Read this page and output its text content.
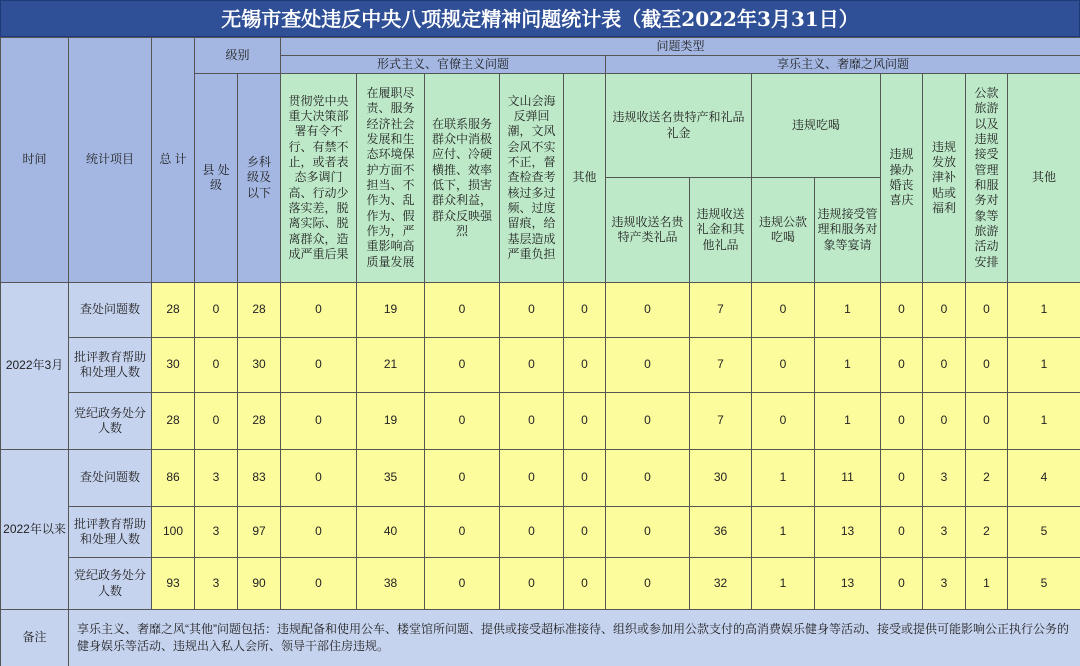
无锡市查处违反中央八项规定精神问题统计表（截至2022年3月31日）
时间	统计项目	总 计	级别		问题类型												
					形式主义、官僚主义问题					享乐主义、奢靡之风问题							
			县 处级	乡科级及以下	贯彻党中央重大决策部署有令不行、有禁不止，或者表态多调门高、行动少落实差，脱离实际、脱离群众，造成严重后果	在履职尽责、服务经济社会发展和生态环境保护方面不担当、不作为、乱作为、假作为，严重影响高质量发展	在联系服务群众中消极应付、冷硬横推、效率低下，损害群众利益，群众反映强烈	文山会海反弹回潮，文风会风不实不正，督查检查考核过多过频、过度留痕，给基层造成严重负担	其他	违规收送名贵特产和礼品礼金		违规吃喝		违规操办婚丧喜庆	违规发放津补贴或福利	公款旅游以及违规接受管理和服务对象等旅游活动安排	其他
										违规收送名贵特产类礼品	违规收送礼金和其他礼品	违规公款吃喝	违规接受管理和服务对象等宴请				
2022年3月	查处问题数	28	0	28	0	19	0	0	0	0	7	0	1	0	0	0	1
	批评教育帮助和处理人数	30	0	30	0	21	0	0	0	0	7	0	1	0	0	0	1
	党纪政务处分人数	28	0	28	0	19	0	0	0	0	7	0	1	0	0	0	1
2022年以来	查处问题数	86	3	83	0	35	0	0	0	0	30	1	11	0	3	2	4
	批评教育帮助和处理人数	100	3	97	0	40	0	0	0	0	36	1	13	0	3	2	5
	党纪政务处分人数	93	3	90	0	38	0	0	0	0	32	1	13	0	3	1	5
备注	享乐主义、奢靡之风“其他”问题包括：违规配备和使用公车、楼堂馆所问题、提供或接受超标准接待、组织或参加用公款支付的高消费娱乐健身等活动、接受或提供可能影响公正执行公务的健身娱乐等活动、违规出入私人会所、领导干部住房违规。																
